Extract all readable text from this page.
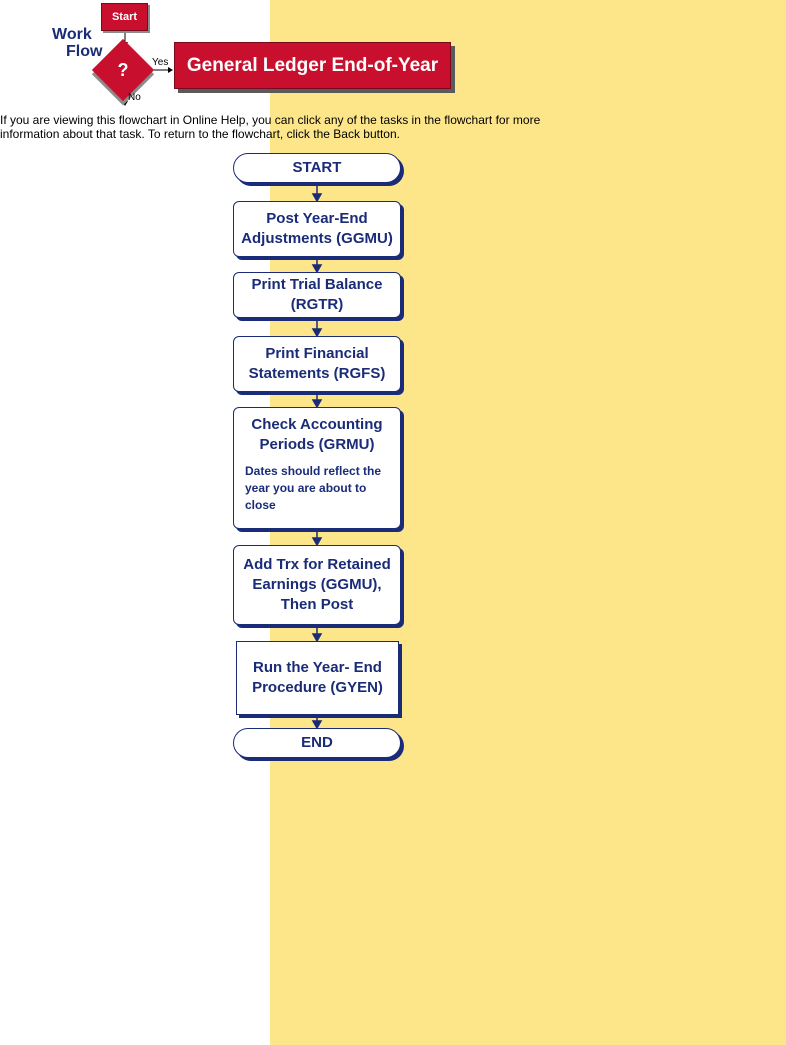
Start
Work
Flow
?	Yes
No
General Ledger End-of-Year
If you are viewing this flowchart in Online Help, you can click any of the tasks in the flowchart for more information about that task. To return to the flowchart, click the Back button.
START
Post Year-End Adjustments (GGMU)
Print Trial Balance (RGTR)
Print Financial Statements (RGFS)
Check Accounting Periods (GRMU)
Dates should reflect the year you are about to close
Add Trx for Retained Earnings (GGMU), Then Post
Run the Year- End Procedure (GYEN)
END
